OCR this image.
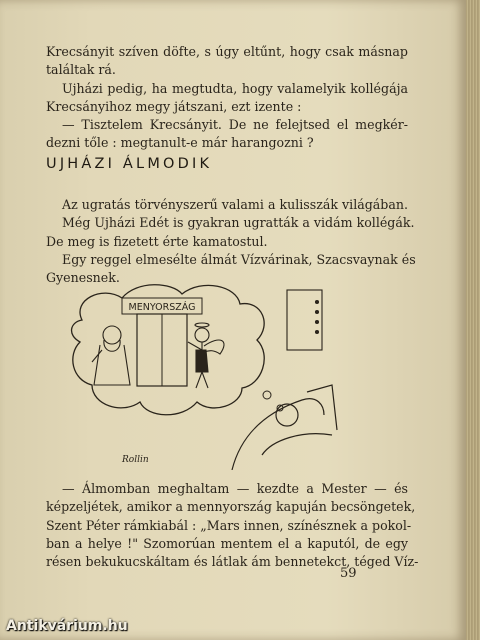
Krecsányit szíven döfte, s úgy eltűnt, hogy csak másnap

találtak rá.

Ujházi pedig, ha megtudta, hogy valamelyik kollégája

Krecsányihoz megy játszani, ezt izente :

— Tisztelem Krecsányit. De ne felejtsed el megkér-

dezni tőle : megtanult-e már harangozni ?

UJHÁZI ÁLMODIK

Az ugratás törvényszerű valami a kulisszák világában.

Még Ujházi Edét is gyakran ugratták a vidám kollégák.

De meg is fizetett érte kamatostul.

Egy reggel elmesélte álmát Vízvárinak, Szacsvaynak és

Gyenesnek.

MENYORSZÁG
Rollin

— Álmomban meghaltam — kezdte a Mester — és

képzeljétek, amikor a mennyország kapuján becsöngetek,

Szent Péter rámkiabál : „Mars innen, színésznek a pokol-

ban a helye !" Szomorúan mentem el a kaputól, de egy

résen bekukucskáltam és látlak ám bennetekct, téged Víz-

59
Antikvárium.hu
